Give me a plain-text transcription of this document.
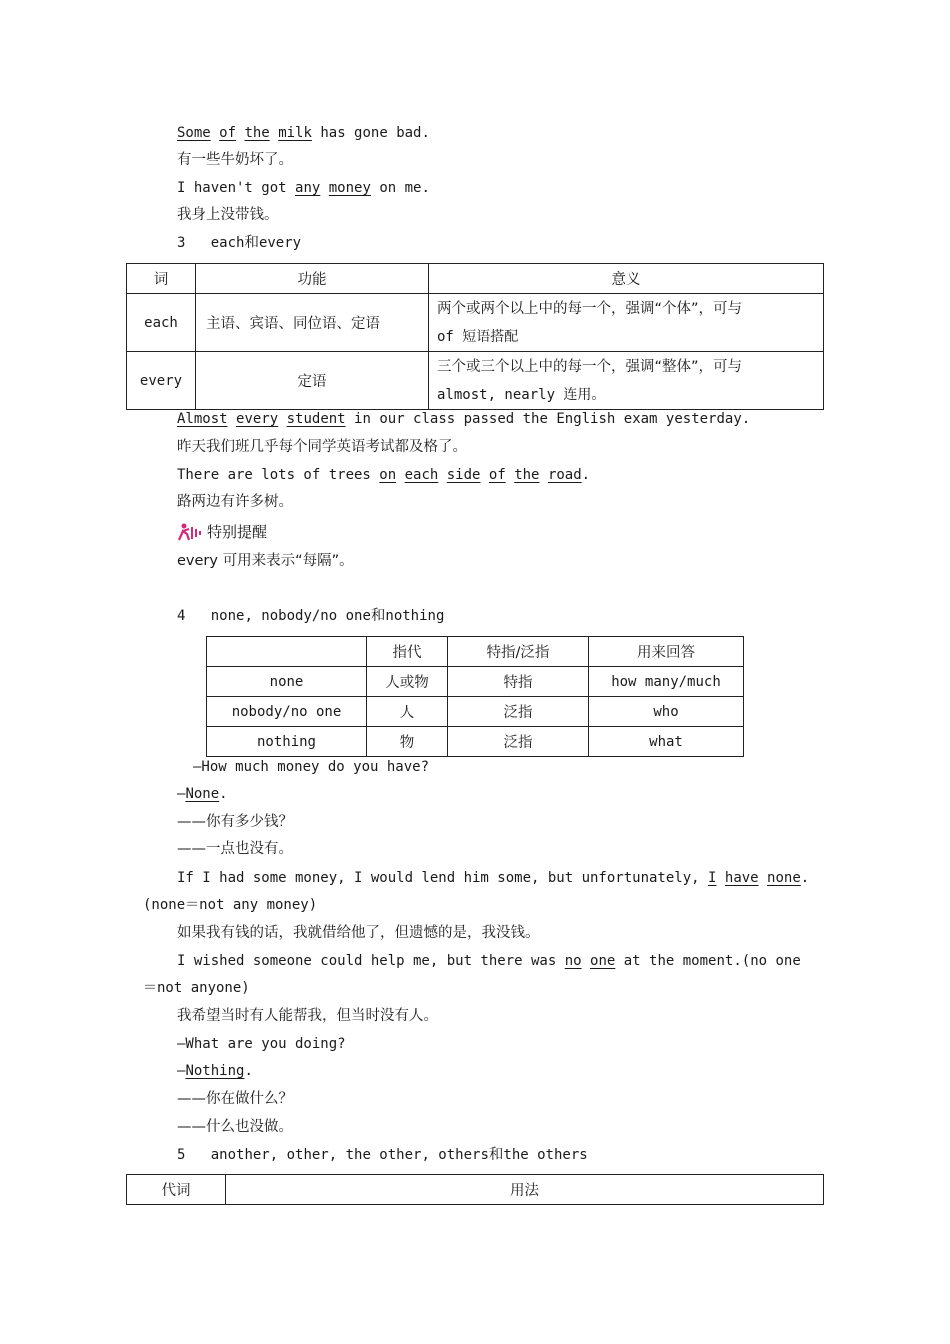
Some of the milk has gone bad.
有一些牛奶坏了。
I haven't got any money on me.
我身上没带钱。
3 each和every
词	功能	意义
each	主语、宾语、同位语、定语	两个或两个以上中的每一个，强调“个体”，可与
of 短语搭配

every	定语	三个或三个以上中的每一个，强调“整体”，可与
almost, nearly 连用。
Almost every student in our class passed the English exam yesterday.
昨天我们班几乎每个同学英语考试都及格了。
There are lots of trees on each side of the road.
路两边有许多树。
特别提醒
every 可用来表示“每隔”。
4 none, nobody/no one和nothing
	指代	特指/泛指	用来回答
none	人或物	特指	how many/much
nobody/no one	人	泛指	who
nothing	物	泛指	what
—How much money do you have?
—None.
——你有多少钱？
——一点也没有。
If I had some money, I would lend him some, but unfortunately, I have none.
(none＝not any money)
如果我有钱的话，我就借给他了，但遗憾的是，我没钱。
I wished someone could help me, but there was no one at the moment.(no one
＝not anyone)
我希望当时有人能帮我，但当时没有人。
—What are you doing?
—Nothing.
——你在做什么？
——什么也没做。
5 another, other, the other, others和the others
代词	用法
